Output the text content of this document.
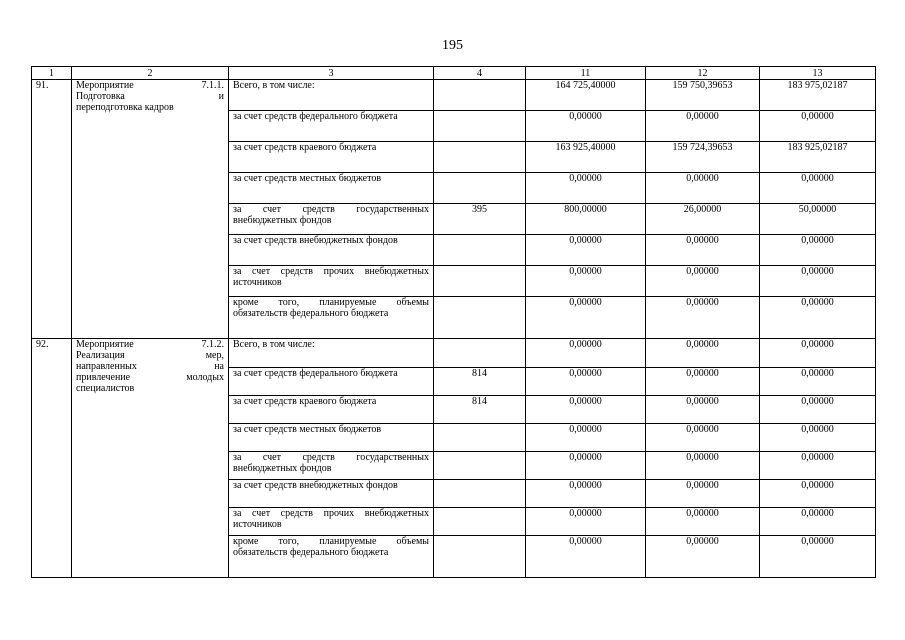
195
1	2	3	4	11	12	13
91.	Мероприятие 7.1.1.
Подготовка и
переподготовка кадров	Всего, в том числе:		164 725,40000	159 750,39653	183 975,02187

		за счет средств федерального бюджета		0,00000	0,00000	0,00000

		за счет средств краевого бюджета		163 925,40000	159 724,39653	183 925,02187

		за счет средств местных бюджетов		0,00000	0,00000	0,00000

		за счет средств государственных
внебюджетных фондов	395	800,00000	26,00000	50,00000

		за счет средств внебюджетных фондов		0,00000	0,00000	0,00000

		за счет средств прочих внебюджетных
источников		0,00000	0,00000	0,00000

		кроме того, планируемые объемы
обязательств федерального бюджета		0,00000	0,00000	0,00000
92.	Мероприятие 7.1.2.
Реализация мер,
направленных на
привлечение молодых
специалистов	Всего, в том числе:		0,00000	0,00000	0,00000

		за счет средств федерального бюджета	814	0,00000	0,00000	0,00000

		за счет средств краевого бюджета	814	0,00000	0,00000	0,00000

		за счет средств местных бюджетов		0,00000	0,00000	0,00000

		за счет средств государственных
внебюджетных фондов		0,00000	0,00000	0,00000

		за счет средств внебюджетных фондов		0,00000	0,00000	0,00000

		за счет средств прочих внебюджетных
источников		0,00000	0,00000	0,00000

		кроме того, планируемые объемы
обязательств федерального бюджета		0,00000	0,00000	0,00000
